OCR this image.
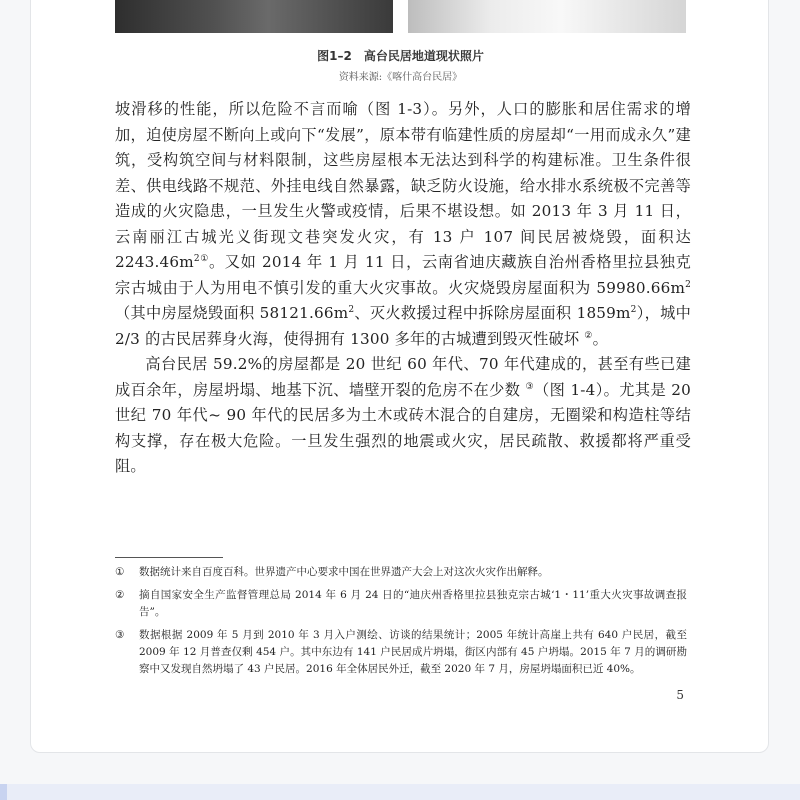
图1–2　高台民居地道现状照片
资料来源:《喀什高台民居》

坡滑移的性能，所以危险不言而喻（图 1-3）。另外，人口的膨胀和居住需求的增加，迫使房屋不断向上或向下“发展”，原本带有临建性质的房屋却“一用而成永久”建筑，受构筑空间与材料限制，这些房屋根本无法达到科学的构建标准。卫生条件很差、供电线路不规范、外挂电线自然暴露，缺乏防火设施，给水排水系统极不完善等造成的火灾隐患，一旦发生火警或疫情，后果不堪设想。如 2013 年 3 月 11 日，云南丽江古城光义街现文巷突发火灾，有 13 户 107 间民居被烧毁，面积达 $2243.46m^{2①}$。又如 2014 年 1 月 11 日，云南省迪庆藏族自治州香格里拉县独克宗古城由于人为用电不慎引发的重大火灾事故。火灾烧毁房屋面积为 $59980.66m^2$（其中房屋烧毁面积 $58121.66m^2$、灭火救援过程中拆除房屋面积 $1859m^2$），城中 2/3 的古民居葬身火海，使得拥有 1300 多年的古城遭到毁灭性破坏 ②。

高台民居 59.2%的房屋都是 20 世纪 60 年代、70 年代建成的，甚至有些已建成百余年，房屋坍塌、地基下沉、墙壁开裂的危房不在少数 ③（图 1-4）。尤其是 20 世纪 70 年代~ 90 年代的民居多为土木或砖木混合的自建房，无圈梁和构造柱等结构支撑，存在极大危险。一旦发生强烈的地震或火灾，居民疏散、救援都将严重受阻。

①	数据统计来自百度百科。世界遗产中心要求中国在世界遗产大会上对这次火灾作出解释。
②	摘自国家安全生产监督管理总局 2014 年 6 月 24 日的“迪庆州香格里拉县独克宗古城‘1・11’重大火灾事故调查报告”。
③	数据根据 2009 年 5 月到 2010 年 3 月入户测绘、访谈的结果统计；2005 年统计高崖上共有 640 户民居，截至 2009 年 12 月普查仅剩 454 户。其中东边有 141 户民居成片坍塌，街区内部有 45 户坍塌。2015 年 7 月的调研勘察中又发现自然坍塌了 43 户民居。2016 年全体居民外迁，截至 2020 年 7 月，房屋坍塌面积已近 40%。
5
